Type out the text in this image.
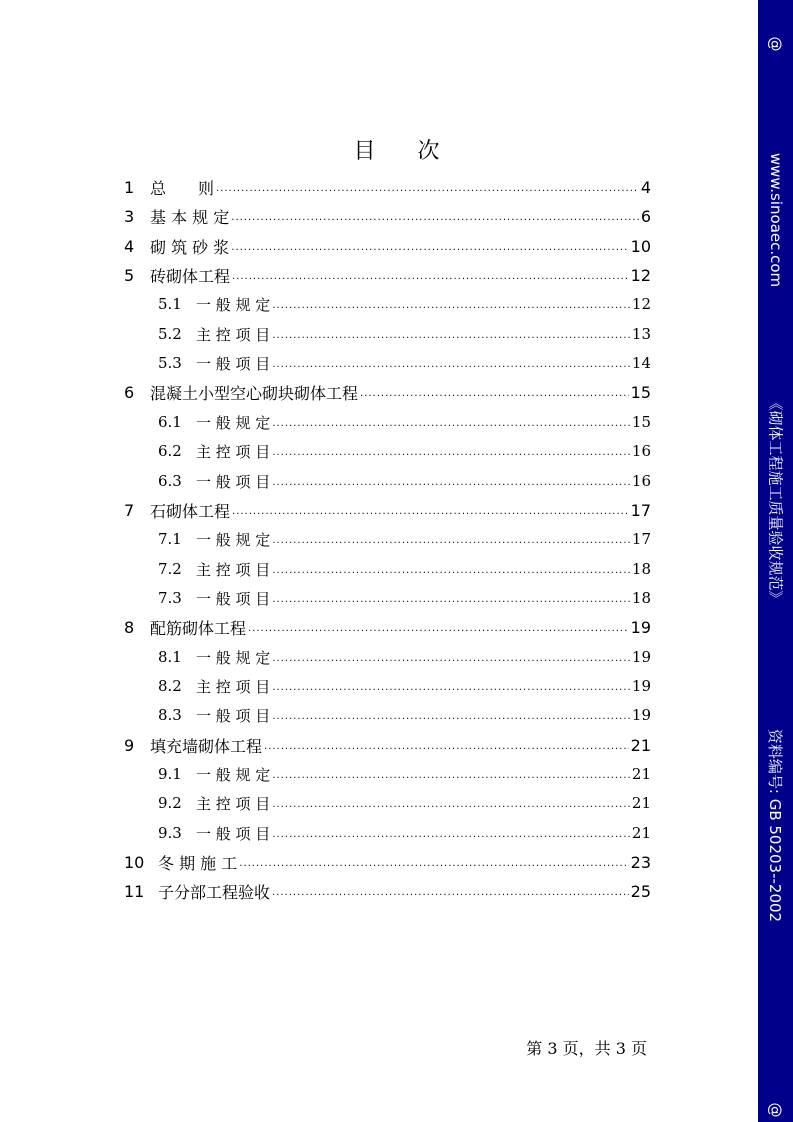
目 次
1 总　　则 .....	4
3 基 本 规 定 .....	6
4 砌 筑 砂 浆 .....	10
5 砖砌体工程 .....	12
5.1 一 般 规 定 .....	12
5.2 主 控 项 目 .....	13
5.3 一 般 项 目 .....	14
6 混凝土小型空心砌块砌体工程 .....	15
6.1 一 般 规 定 .....	15
6.2 主 控 项 目 .....	16
6.3 一 般 项 目 .....	16
7 石砌体工程 .....	17
7.1 一 般 规 定 .....	17
7.2 主 控 项 目 .....	18
7.3 一 般 项 目 .....	18
8 配筋砌体工程 .....	19
8.1 一 般 规 定 .....	19
8.2 主 控 项 目 .....	19
8.3 一 般 项 目 .....	19
9 填充墙砌体工程 .....	21
9.1 一 般 规 定 .....	21
9.2 主 控 项 目 .....	21
9.3 一 般 项 目 .....	21
10 冬 期 施 工 .....	23
11 子分部工程验收 .....	25
第 3 页，共 3 页
@
www.sinoaec.com
《砌体工程施工质量验收规范》
资料编号: GB 50203--2002
@
